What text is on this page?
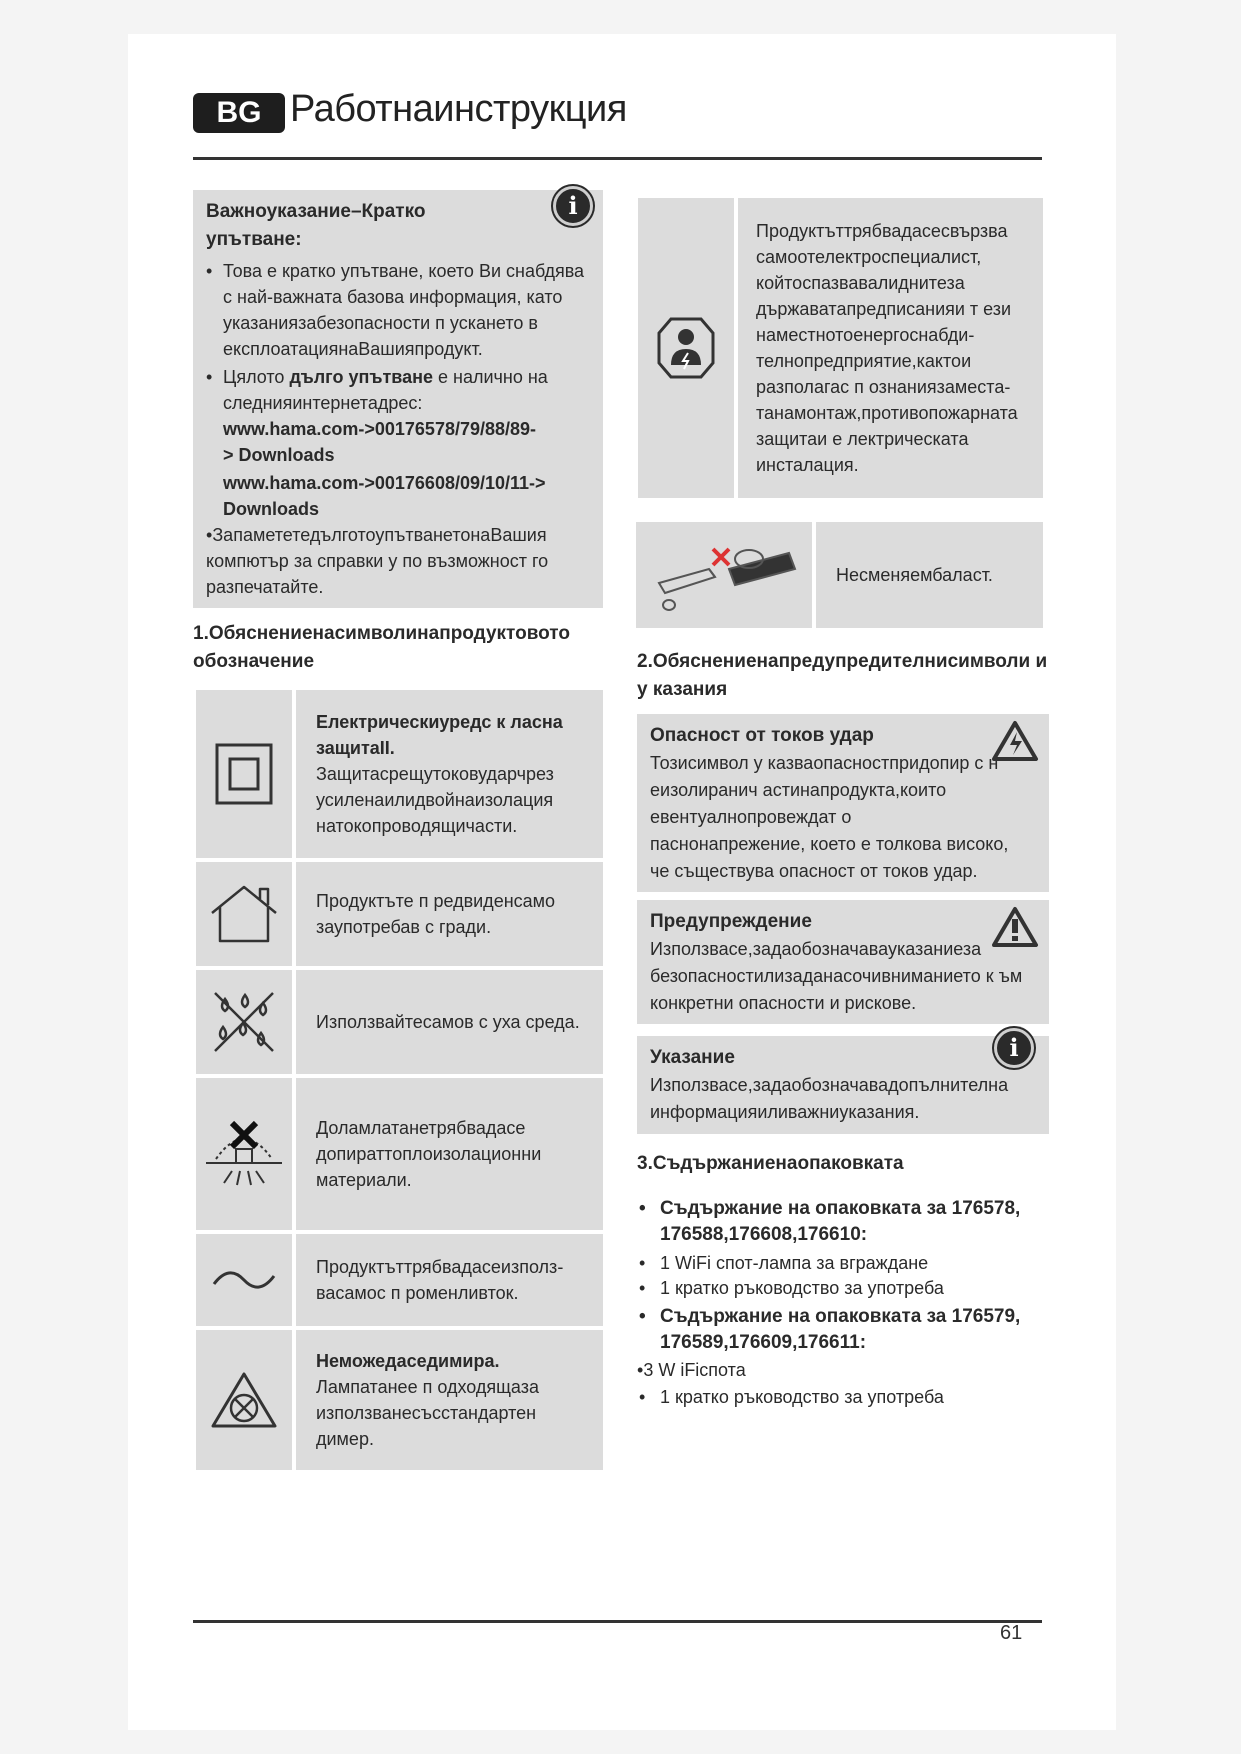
BG Работнаинструкция
Важноуказание–Кратко упътване:
• Това е кратко упътване, което Ви снабдява с най-важната базова информация, като указаниязабезопасности п ускането в експлоатациянаВашияпродукт.
• Цялото дълго упътване е налично на следнияинтернетадрес:
www.hama.com->00176578/79/88/89-> Downloads
www.hama.com->00176608/09/10/11-> Downloads
•ЗапамететедълготоупътванетонаВашия компютър за справки у по възможност го разпечатайте.
i
1.Обяснениенасимволинапродуктовото обозначение
Електрическиуредс к ласна защитаII.
Защитасрещутоковударчрез усиленаилидвойнаизолация натокопроводящичасти.
Продуктъте п редвиденсамо заупотребав с гради.
Използвайтесамов с уха среда.
Доламлатанетрябвадасе допираттоплоизолационни материали.
Продуктъттрябвадасеизполз- васамос п роменливток.
Неможедаседимира.
Лампатанее п одходящаза използванесъсстандартен димер.
Продуктъттрябвадасесвързва самоотелектроспециалист, койтоспазвавалиднитеза държаватапредписанияи т ези наместнотоенергоснабди- телнопредприятие,кактои разполагас п ознаниязаместа- танамонтаж,противопожарната защитаи е лектрическата инсталация.
Несменяембаласт.
2.Обяснениенапредупредителнисимволи и у казания
Опасност от токов удар
Тозисимвол у казваопасностпридопир с н еизолиранич астинапродукта,които евентуалнопровеждат о паснонапрежение, което е толкова високо, че съществува опасност от токов удар.
Предупреждение
Използвасе,задаобозначавауказаниеза безопасностилизаданасочивниманието к ъм конкретни опасности и рискове.
Указание
Използвасе,задаобозначавадопълнителна информацияиливажниуказания.
i
3.Съдържаниенаопаковката
• Съдържание на опаковката за 176578, 176588,176608,176610:
• 1 WiFi спот-лампа за вграждане
• 1 кратко ръководство за употреба
• Съдържание на опаковката за 176579, 176589,176609,176611:
•3 W iFicпота
• 1 кратко ръководство за употреба
61
